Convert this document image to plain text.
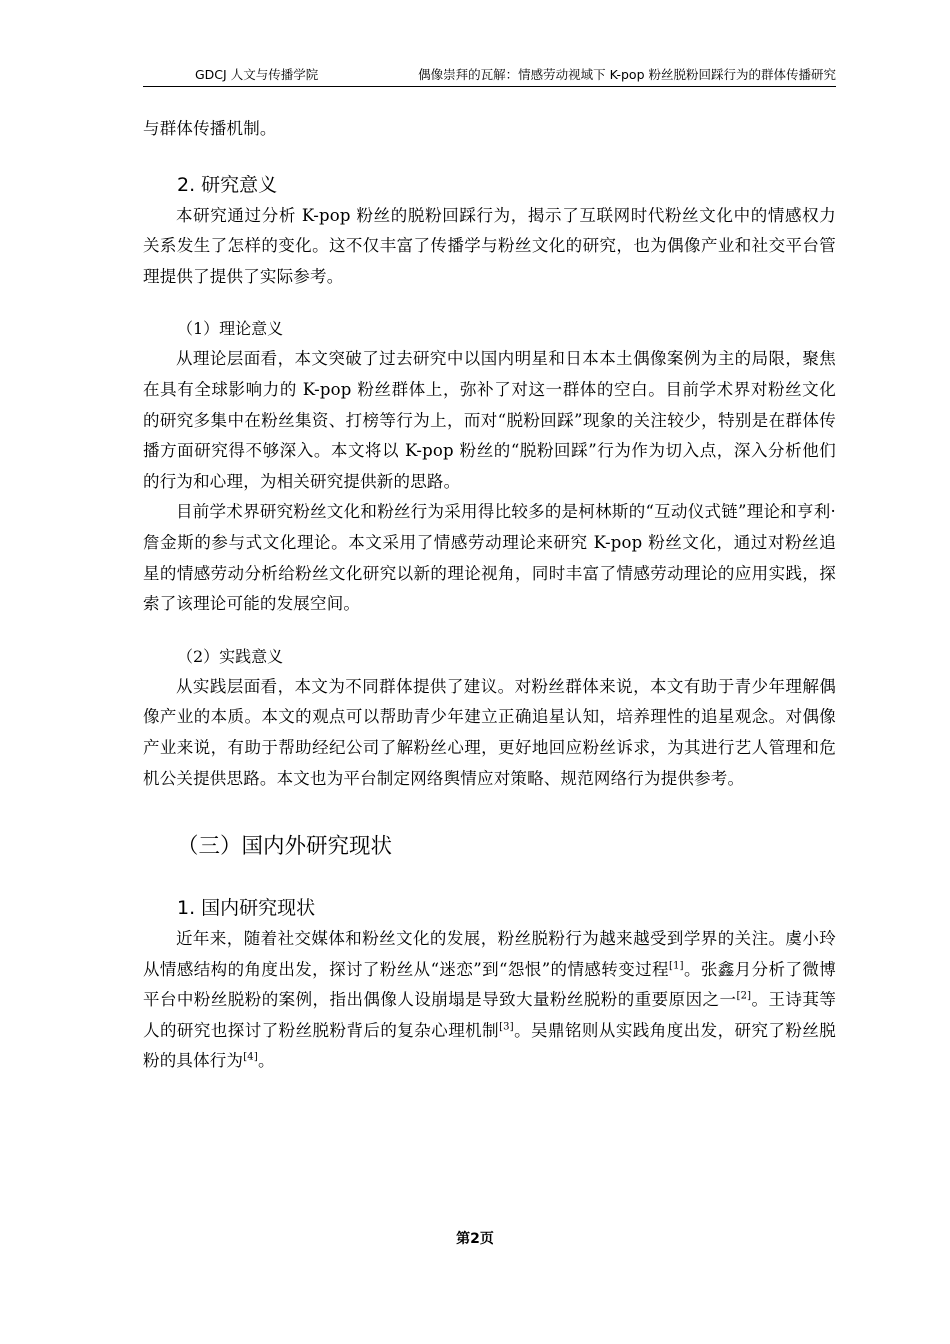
GDCJ 人文与传播学院	偶像崇拜的瓦解：情感劳动视域下 K-pop 粉丝脱粉回踩行为的群体传播研究

与群体传播机制。

2. 研究意义

本研究通过分析 K-pop 粉丝的脱粉回踩行为，揭示了互联网时代粉丝文化中的情感权力关系发生了怎样的变化。这不仅丰富了传播学与粉丝文化的研究，也为偶像产业和社交平台管理提供了提供了实际参考。

（1）理论意义

从理论层面看，本文突破了过去研究中以国内明星和日本本土偶像案例为主的局限，聚焦在具有全球影响力的 K-pop 粉丝群体上，弥补了对这一群体的空白。目前学术界对粉丝文化的研究多集中在粉丝集资、打榜等行为上，而对“脱粉回踩”现象的关注较少，特别是在群体传播方面研究得不够深入。本文将以 K-pop 粉丝的“脱粉回踩”行为作为切入点，深入分析他们的行为和心理，为相关研究提供新的思路。

目前学术界研究粉丝文化和粉丝行为采用得比较多的是柯林斯的“互动仪式链”理论和亨利·詹金斯的参与式文化理论。本文采用了情感劳动理论来研究 K-pop 粉丝文化，通过对粉丝追星的情感劳动分析给粉丝文化研究以新的理论视角，同时丰富了情感劳动理论的应用实践，探索了该理论可能的发展空间。

（2）实践意义

从实践层面看，本文为不同群体提供了建议。对粉丝群体来说，本文有助于青少年理解偶像产业的本质。本文的观点可以帮助青少年建立正确追星认知，培养理性的追星观念。对偶像产业来说，有助于帮助经纪公司了解粉丝心理，更好地回应粉丝诉求，为其进行艺人管理和危机公关提供思路。本文也为平台制定网络舆情应对策略、规范网络行为提供参考。

（三）国内外研究现状

1. 国内研究现状

近年来，随着社交媒体和粉丝文化的发展，粉丝脱粉行为越来越受到学界的关注。虞小玲从情感结构的角度出发，探讨了粉丝从“迷恋”到“怨恨”的情感转变过程[1]。张鑫月分析了微博平台中粉丝脱粉的案例，指出偶像人设崩塌是导致大量粉丝脱粉的重要原因之一[2]。王诗萁等人的研究也探讨了粉丝脱粉背后的复杂心理机制[3]。吴鼎铭则从实践角度出发，研究了粉丝脱粉的具体行为[4]。

第2页
